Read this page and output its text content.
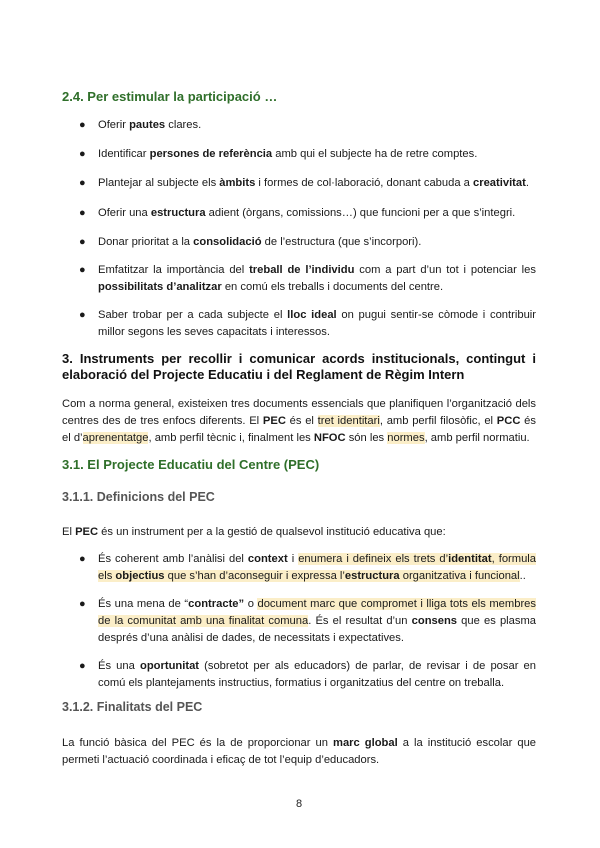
2.4. Per estimular la participació …

● Oferir pautes clares.

● Identificar persones de referència amb qui el subjecte ha de retre comptes.

● Plantejar al subjecte els àmbits i formes de col·laboració, donant cabuda a creativitat.

● Oferir una estructura adient (òrgans, comissions…) que funcioni per a que s’integri.

● Donar prioritat a la consolidació de l’estructura (que s’incorpori).

● Emfatitzar la importància del treball de l’individu com a part d’un tot i potenciar les possibilitats d’analitzar en comú els treballs i documents del centre.

● Saber trobar per a cada subjecte el lloc ideal on pugui sentir-se còmode i contribuir millor segons les seves capacitats i interessos.

3. Instruments per recollir i comunicar acords institucionals, contingut i elaboració del Projecte Educatiu i del Reglament de Règim Intern

Com a norma general, existeixen tres documents essencials que planifiquen l’organització dels centres des de tres enfocs diferents. El PEC és el tret identitari, amb perfil filosòfic, el PCC és el d’aprenentatge, amb perfil tècnic i, finalment les NFOC són les normes, amb perfil normatiu.

3.1. El Projecte Educatiu del Centre (PEC)
3.1.1. Definicions del PEC

El PEC és un instrument per a la gestió de qualsevol institució educativa que:

● És coherent amb l’anàlisi del context i enumera i defineix els trets d’identitat, formula els objectius que s’han d’aconseguir i expressa l’estructura organitzativa i funcional..

● És una mena de “contracte” o document marc que compromet i lliga tots els membres de la comunitat amb una finalitat comuna. És el resultat d’un consens que es plasma després d’una anàlisi de dades, de necessitats i expectatives.

● És una oportunitat (sobretot per als educadors) de parlar, de revisar i de posar en comú els plantejaments instructius, formatius i organitzatius del centre on treballa.

3.1.2. Finalitats del PEC

La funció bàsica del PEC és la de proporcionar un marc global a la institució escolar que permeti l’actuació coordinada i eficaç de tot l’equip d’educadors.

8
